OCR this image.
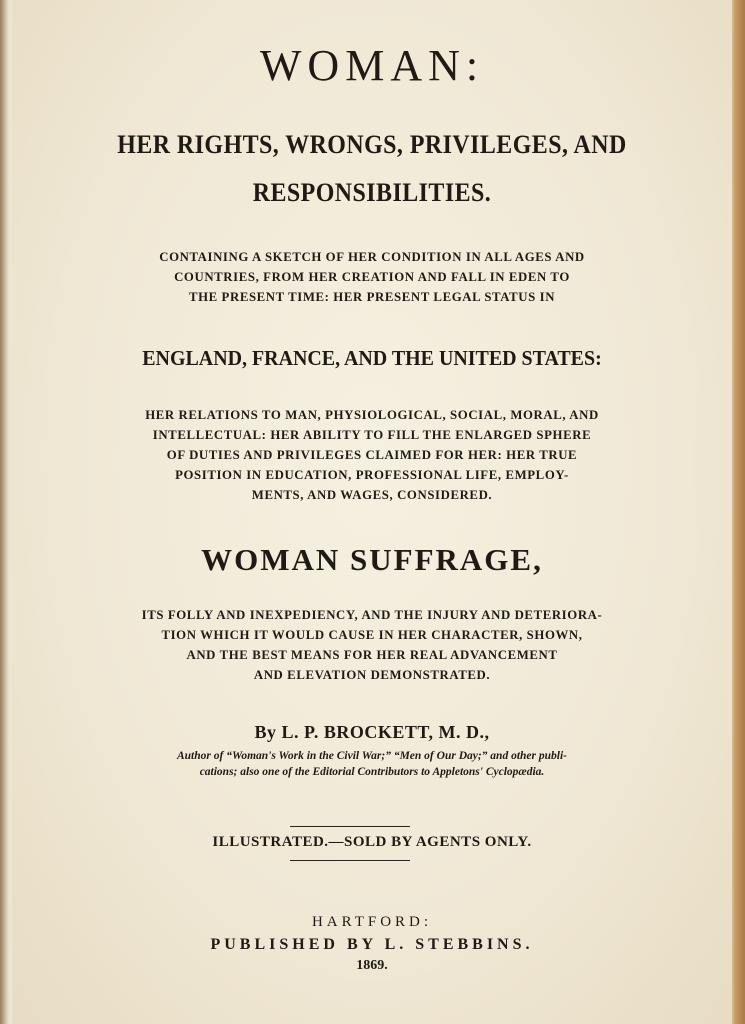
WOMAN:

HER RIGHTS, WRONGS, PRIVILEGES, AND

RESPONSIBILITIES.

CONTAINING A SKETCH OF HER CONDITION IN ALL AGES AND

COUNTRIES, FROM HER CREATION AND FALL IN EDEN TO

THE PRESENT TIME: HER PRESENT LEGAL STATUS IN

ENGLAND, FRANCE, AND THE UNITED STATES:

HER RELATIONS TO MAN, PHYSIOLOGICAL, SOCIAL, MORAL, AND

INTELLECTUAL: HER ABILITY TO FILL THE ENLARGED SPHERE

OF DUTIES AND PRIVILEGES CLAIMED FOR HER: HER TRUE

POSITION IN EDUCATION, PROFESSIONAL LIFE, EMPLOY-

MENTS, AND WAGES, CONSIDERED.

WOMAN SUFFRAGE,

ITS FOLLY AND INEXPEDIENCY, AND THE INJURY AND DETERIORA-

TION WHICH IT WOULD CAUSE IN HER CHARACTER, SHOWN,

AND THE BEST MEANS FOR HER REAL ADVANCEMENT

AND ELEVATION DEMONSTRATED.

By L. P. BROCKETT, M. D.,

Author of “Woman's Work in the Civil War;” “Men of Our Day;” and other publi-

cations; also one of the Editorial Contributors to Appletons' Cyclopædia.

ILLUSTRATED.—SOLD BY AGENTS ONLY.

HARTFORD:

PUBLISHED BY L. STEBBINS.

1869.
